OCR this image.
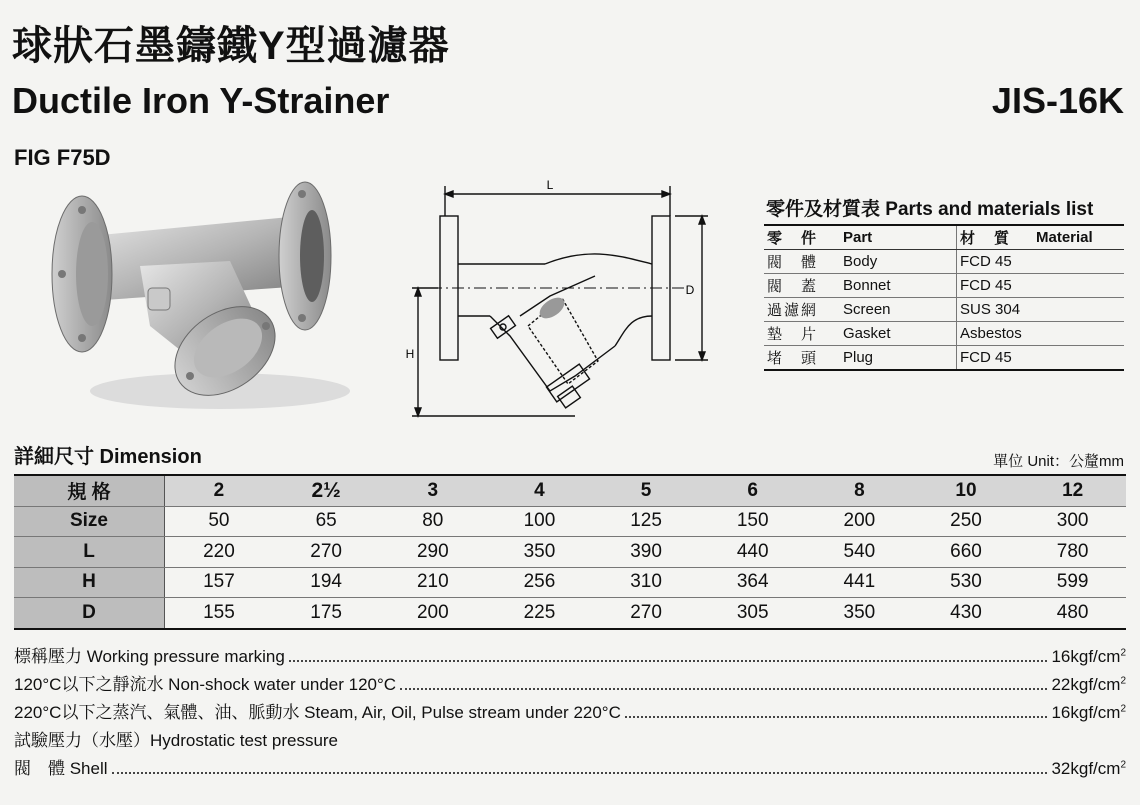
球狀石墨鑄鐵Y型過濾器
Ductile Iron Y-Strainer	JIS-16K
FIG F75D
L
D
H
零件及材質表 Parts and materials list
零　件	Part	材　質	Material
閥　體	Body	FCD 45	
閥　蓋	Bonnet	FCD 45	
過濾網	Screen	SUS 304	
墊　片	Gasket	Asbestos	
堵　頭	Plug	FCD 45	
詳細尺寸 Dimension	單位 Unit：公釐mm
規 格	2	2½	3	4	5	6	8	10	12
Size	50	65	80	100	125	150	200	250	300
L	220	270	290	350	390	440	540	660	780
H	157	194	210	256	310	364	441	530	599
D	155	175	200	225	270	305	350	430	480
標稱壓力 Working pressure marking	$16kgf/cm^2$
120°C以下之靜流水 Non-shock water under 120°C	$22kgf/cm^2$
220°C以下之蒸汽、氣體、油、脈動水 Steam, Air, Oil, Pulse stream under 220°C	$16kgf/cm^2$
試驗壓力（水壓）Hydrostatic test pressure
閥　體 Shell	$32kgf/cm^2$
